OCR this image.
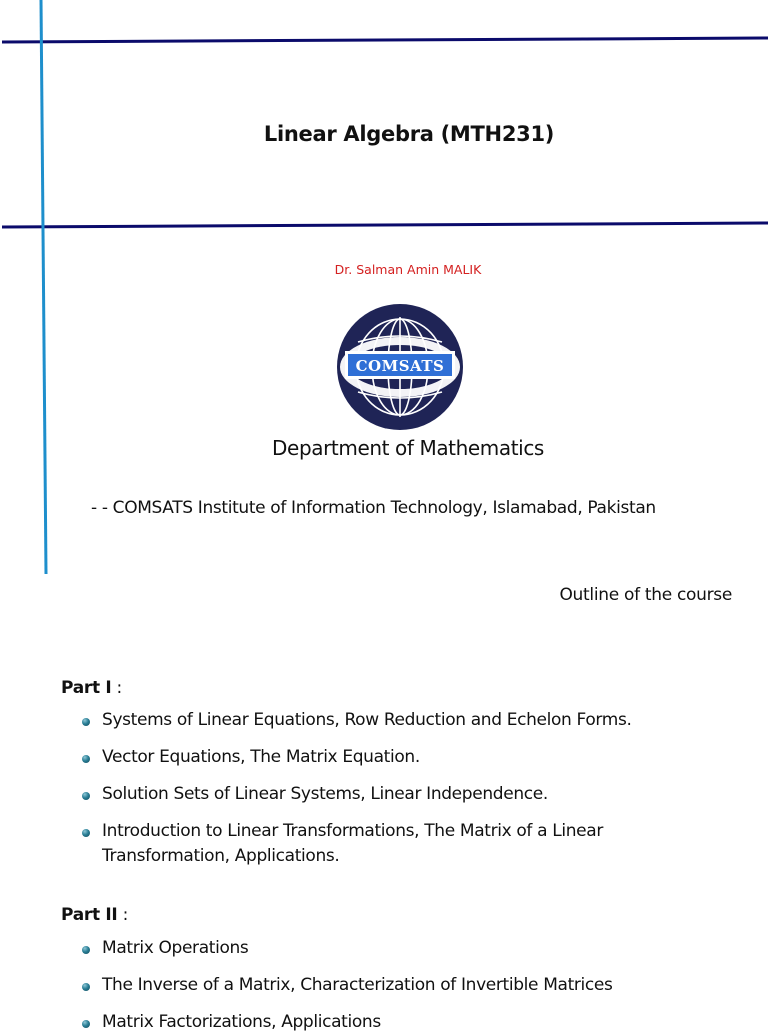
Linear Algebra (MTH231)
Dr. Salman Amin MALIK
COMSATS
Department of Mathematics
- - COMSATS Institute of Information Technology, Islamabad, Pakistan
Outline of the course
Part I :
Systems of Linear Equations, Row Reduction and Echelon Forms.
Vector Equations, The Matrix Equation.
Solution Sets of Linear Systems, Linear Independence.
Introduction to Linear Transformations, The Matrix of a Linear Transformation, Applications.
Part II :
Matrix Operations
The Inverse of a Matrix, Characterization of Invertible Matrices
Matrix Factorizations, Applications
